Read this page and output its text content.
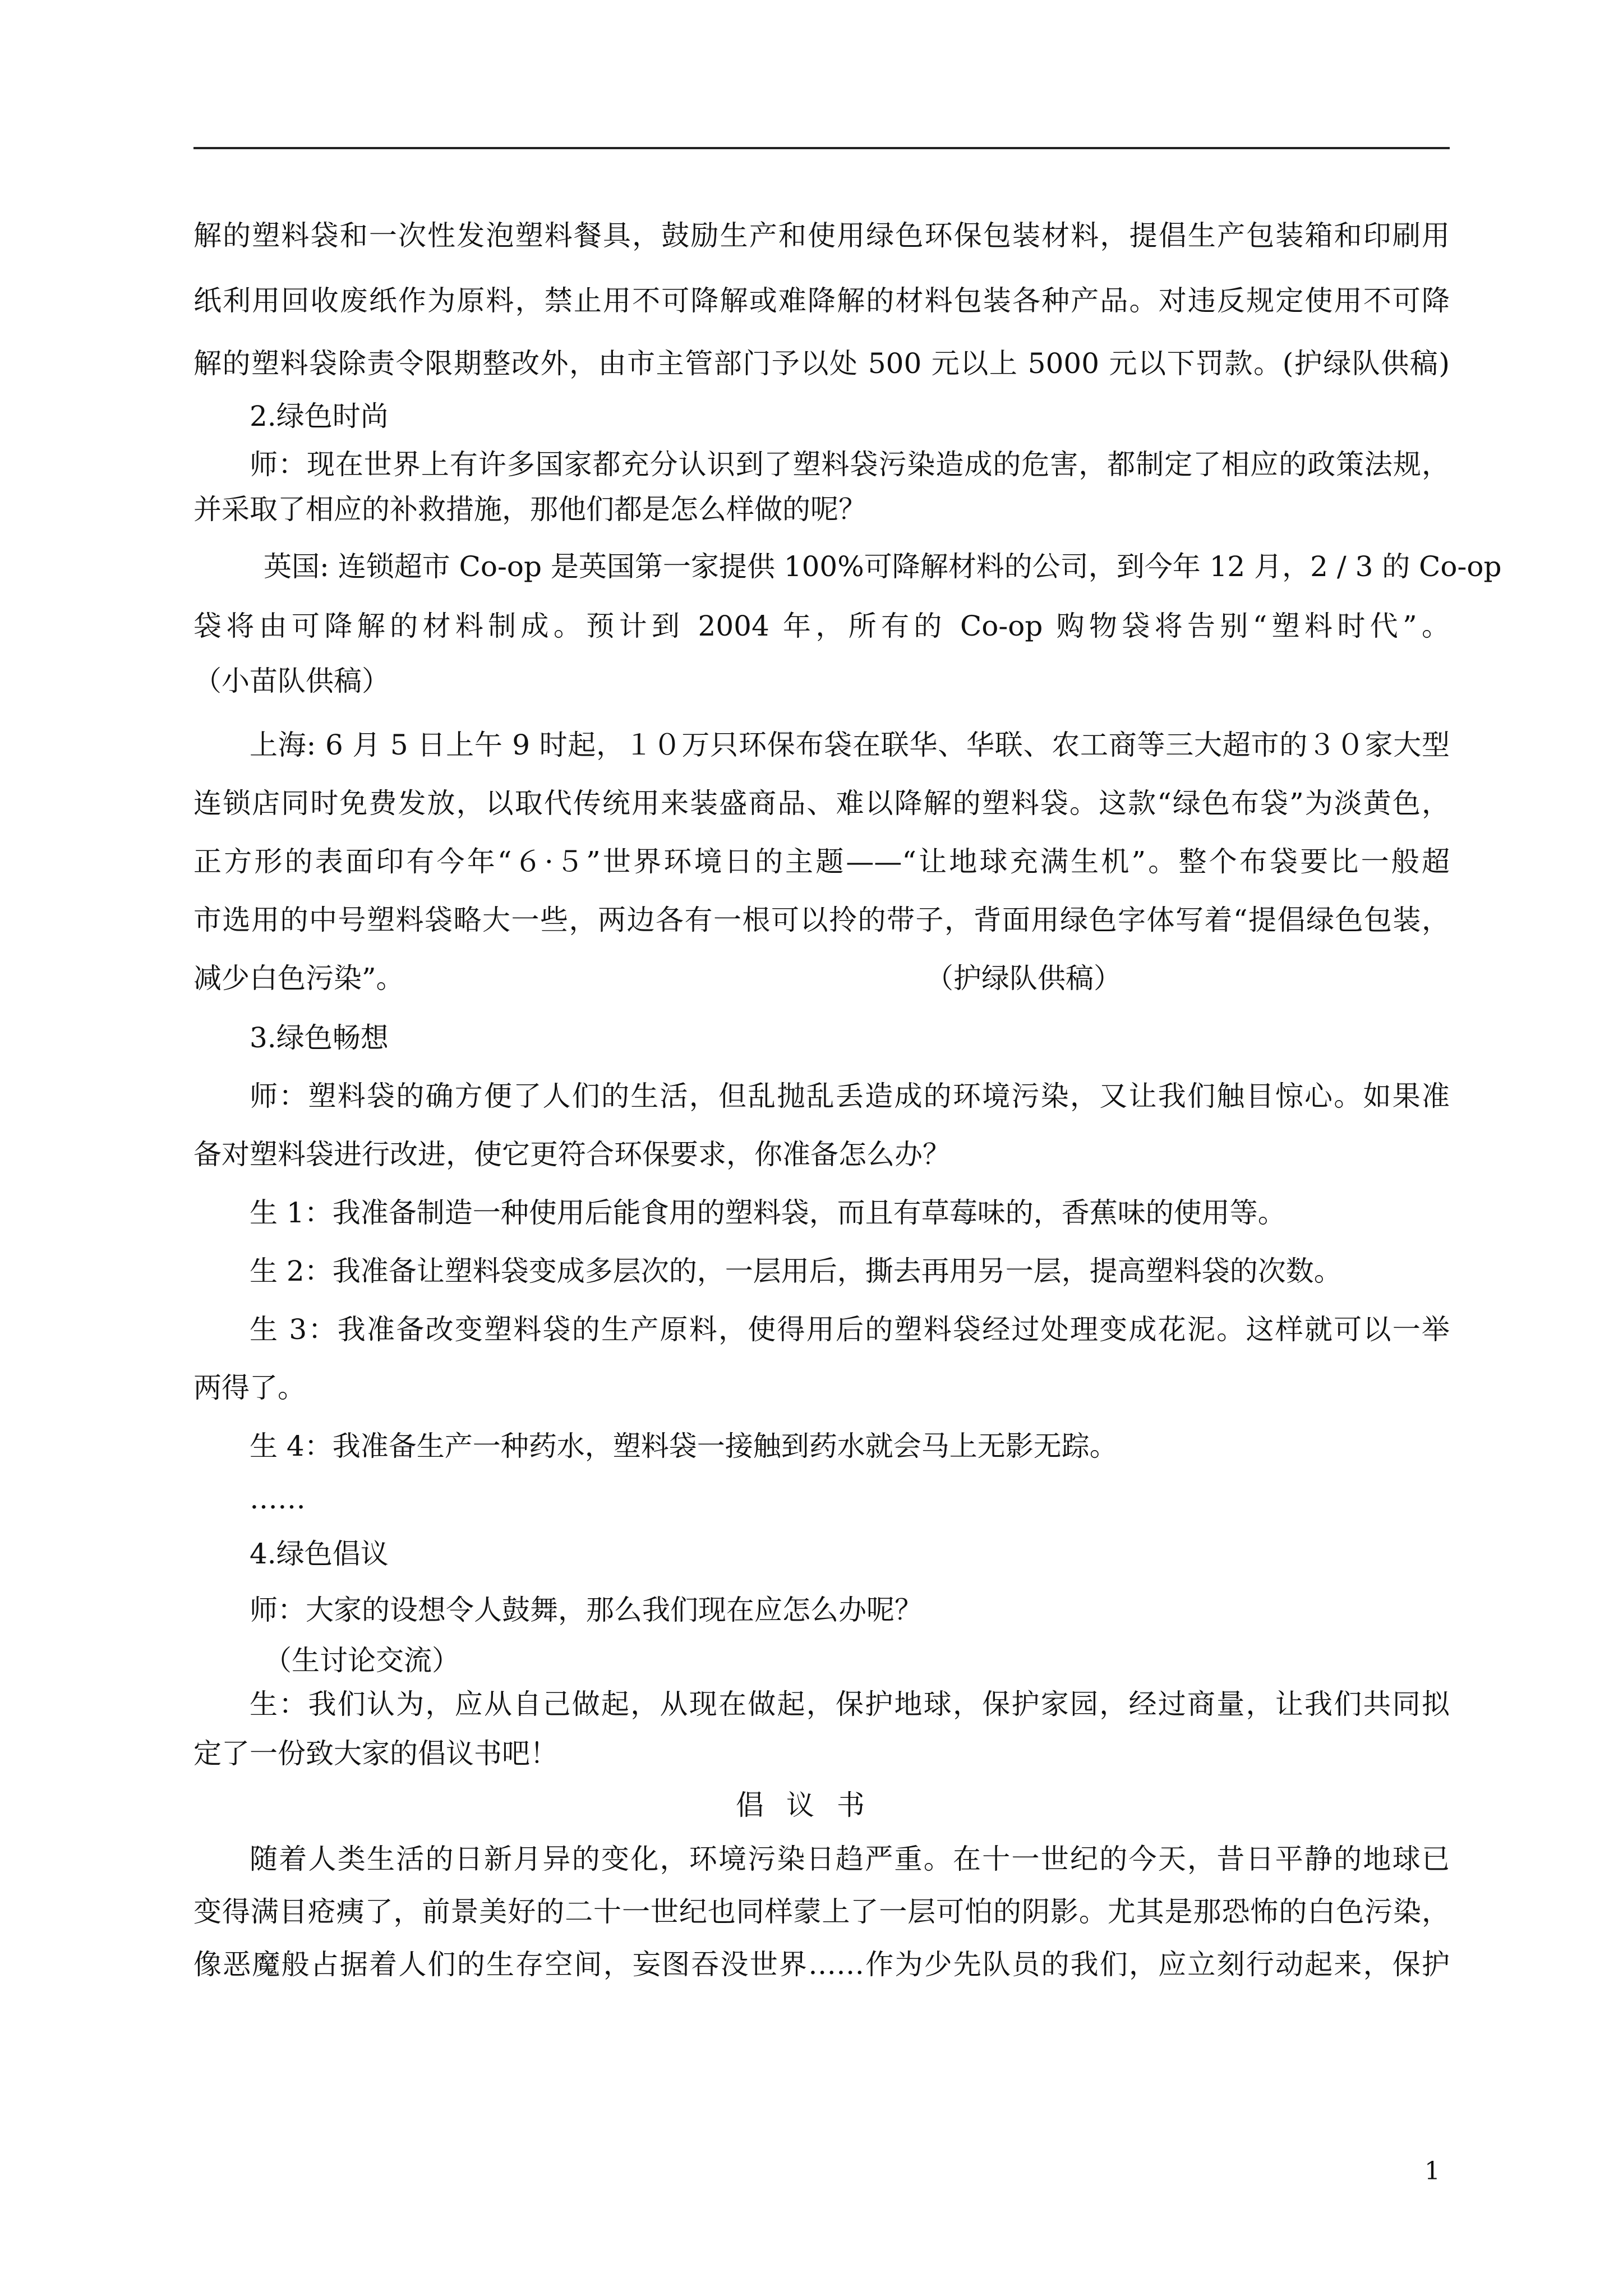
解的塑料袋和一次性发泡塑料餐具，鼓励生产和使用绿色环保包装材料，提倡生产包装箱和印刷用
纸利用回收废纸作为原料，禁止用不可降解或难降解的材料包装各种产品。对违反规定使用不可降
解的塑料袋除责令限期整改外，由市主管部门予以处 500 元以上 5000 元以下罚款。(护绿队供稿)
2.绿色时尚
师：现在世界上有许多国家都充分认识到了塑料袋污染造成的危害，都制定了相应的政策法规，
并采取了相应的补救措施，那他们都是怎么样做的呢？
英国: 连锁超市 Co-op 是英国第一家提供 100%可降解材料的公司，到今年 12 月，2 / 3 的 Co-op
袋将由可降解的材料制成。预计到 2004 年，所有的 Co-op 购物袋将告别“塑料时代”。
（小苗队供稿）
上海: 6 月 5 日上午 9 时起，１０万只环保布袋在联华、华联、农工商等三大超市的３０家大型
连锁店同时免费发放，以取代传统用来装盛商品、难以降解的塑料袋。这款“绿色布袋”为淡黄色，
正方形的表面印有今年“６·５”世界环境日的主题——“让地球充满生机”。整个布袋要比一般超
市选用的中号塑料袋略大一些，两边各有一根可以拎的带子，背面用绿色字体写着“提倡绿色包装，
减少白色污染”。	（护绿队供稿）
3.绿色畅想
师：塑料袋的确方便了人们的生活，但乱抛乱丢造成的环境污染，又让我们触目惊心。如果准
备对塑料袋进行改进，使它更符合环保要求，你准备怎么办？
生 1：我准备制造一种使用后能食用的塑料袋，而且有草莓味的，香蕉味的使用等。
生 2：我准备让塑料袋变成多层次的，一层用后，撕去再用另一层，提高塑料袋的次数。
生 3：我准备改变塑料袋的生产原料，使得用后的塑料袋经过处理变成花泥。这样就可以一举
两得了。
生 4：我准备生产一种药水，塑料袋一接触到药水就会马上无影无踪。
……
4.绿色倡议
师：大家的设想令人鼓舞，那么我们现在应怎么办呢？
（生讨论交流）
生：我们认为，应从自己做起，从现在做起，保护地球，保护家园，经过商量，让我们共同拟
定了一份致大家的倡议书吧！
随着人类生活的日新月异的变化，环境污染日趋严重。在十一世纪的今天，昔日平静的地球已
变得满目疮痍了，前景美好的二十一世纪也同样蒙上了一层可怕的阴影。尤其是那恐怖的白色污染，
像恶魔般占据着人们的生存空间，妄图吞没世界……作为少先队员的我们，应立刻行动起来，保护
倡议书
1
